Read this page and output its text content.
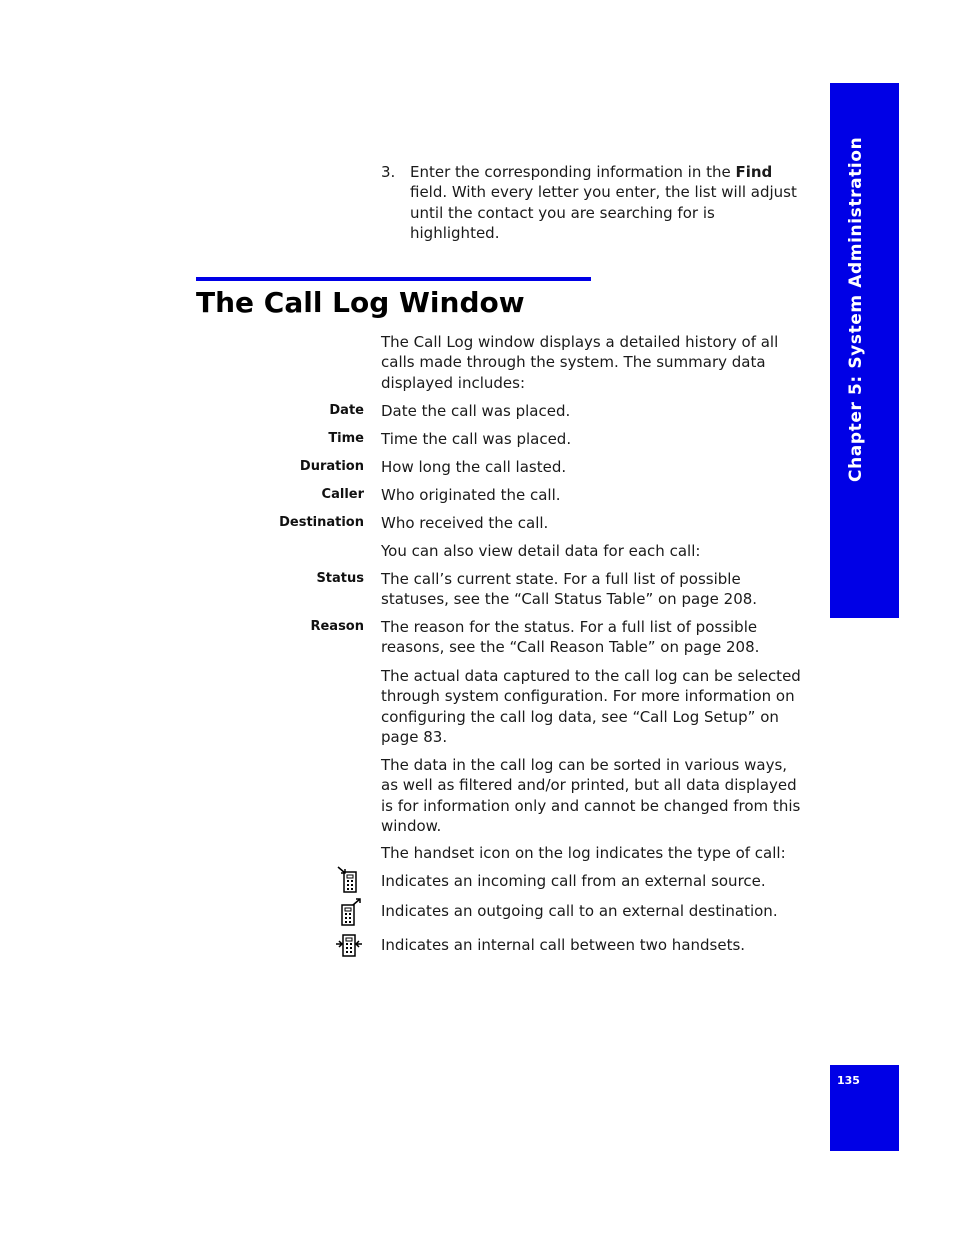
Chapter 5: System Administration
3. Enter the corresponding information in the Find field. With every letter you enter, the list will adjust until the contact you are searching for is highlighted.
The Call Log Window

The Call Log window displays a detailed history of all calls made through the system. The summary data displayed includes:

Date Date the call was placed.

Time Time the call was placed.

Duration How long the call lasted.

Caller Who originated the call.

Destination Who received the call.

You can also view detail data for each call:

Status The call’s current state. For a full list of possible statuses, see the “Call Status Table” on page 208.

Reason The reason for the status. For a full list of possible reasons, see the “Call Reason Table” on page 208.

The actual data captured to the call log can be selected through system configuration. For more information on configuring the call log data, see “Call Log Setup” on page 83.

The data in the call log can be sorted in various ways, as well as filtered and/or printed, but all data displayed is for information only and cannot be changed from this window.

The handset icon on the log indicates the type of call:

Indicates an incoming call from an external source.

Indicates an outgoing call to an external destination.

Indicates an internal call between two handsets.

135
